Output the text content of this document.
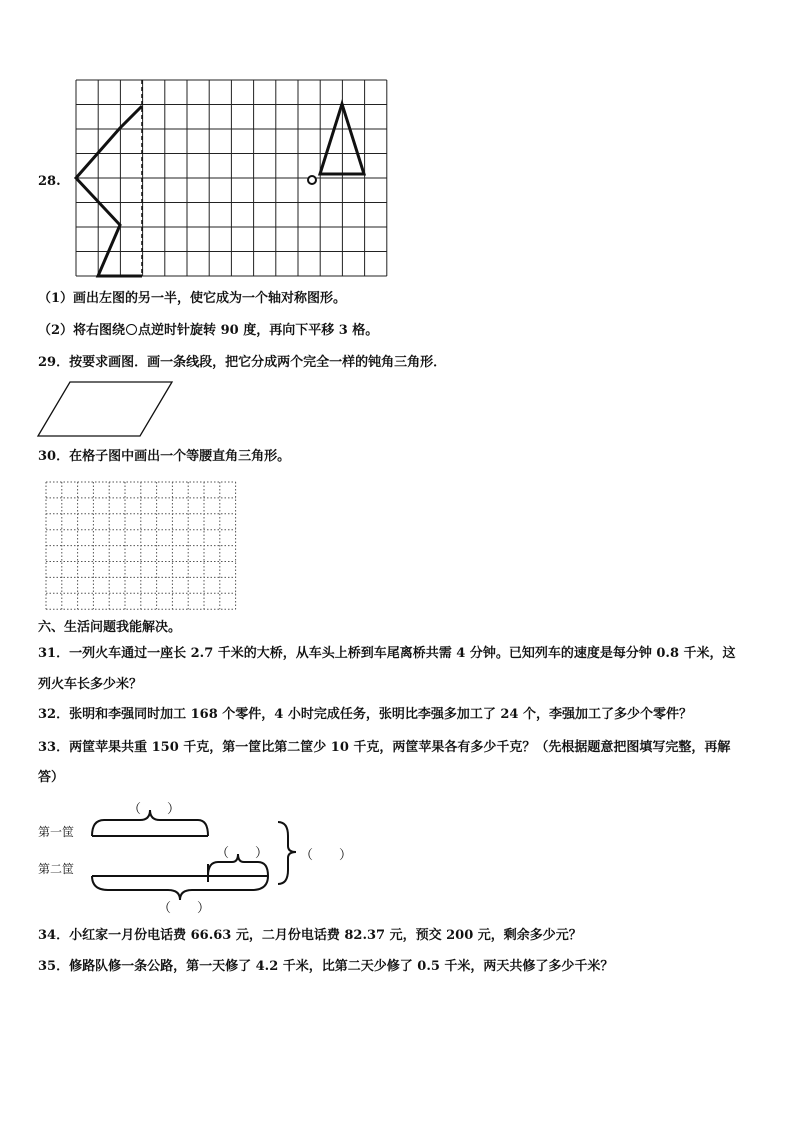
28.
（1）画出左图的另一半，使它成为一个轴对称图形。
（2）将右图绕 点逆时针旋转 90 度，再向下平移 3 格。
29．按要求画图．画一条线段，把它分成两个完全一样的钝角三角形．
30．在格子图中画出一个等腰直角三角形。
六、生活问题我能解决。
31．一列火车通过一座长 2.7 千米的大桥，从车头上桥到车尾离桥共需 4 分钟。已知列车的速度是每分钟 0.8 千米，这
列火车长多少米？
32．张明和李强同时加工 168 个零件，4 小时完成任务，张明比李强多加工了 24 个，李强加工了多少个零件？
33．两筐苹果共重 150 千克，第一筐比第二筐少 10 千克，两筐苹果各有多少千克？（先根据题意把图填写完整，再解
答）
第一筐
第二筐
（　　）
（　　） （　　）
（　　）
34．小红家一月份电话费 66.63 元，二月份电话费 82.37 元，预交 200 元，剩余多少元？
35．修路队修一条公路，第一天修了 4.2 千米，比第二天少修了 0.5 千米，两天共修了多少千米？
